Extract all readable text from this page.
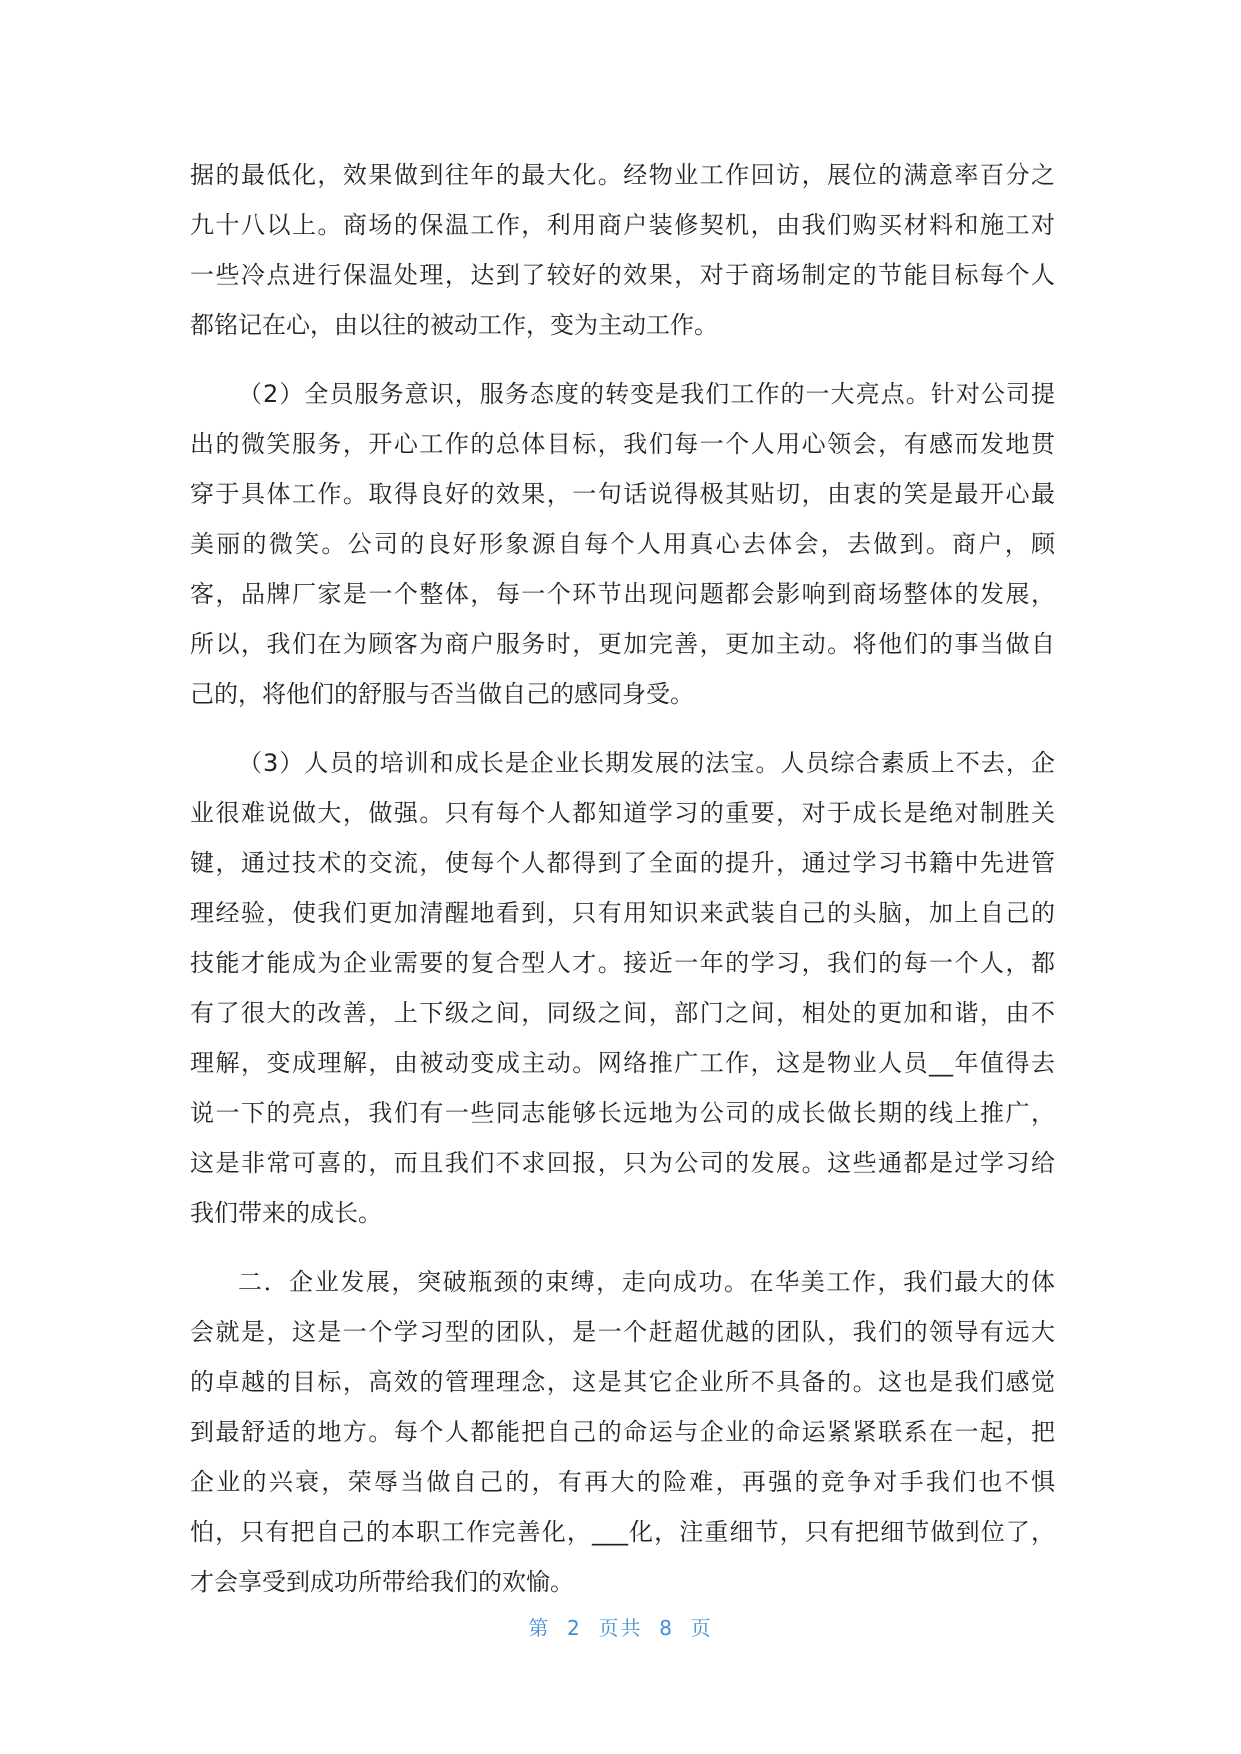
据的最低化，效果做到往年的最大化。经物业工作回访，展位的满意率百分之
九十八以上。商场的保温工作，利用商户装修契机，由我们购买材料和施工对
一些冷点进行保温处理，达到了较好的效果，对于商场制定的节能目标每个人
都铭记在心，由以往的被动工作，变为主动工作。
（2）全员服务意识，服务态度的转变是我们工作的一大亮点。针对公司提
出的微笑服务，开心工作的总体目标，我们每一个人用心领会，有感而发地贯
穿于具体工作。取得良好的效果，一句话说得极其贴切，由衷的笑是最开心最
美丽的微笑。公司的良好形象源自每个人用真心去体会，去做到。商户，顾
客，品牌厂家是一个整体，每一个环节出现问题都会影响到商场整体的发展，
所以，我们在为顾客为商户服务时，更加完善，更加主动。将他们的事当做自
己的，将他们的舒服与否当做自己的感同身受。
（3）人员的培训和成长是企业长期发展的法宝。人员综合素质上不去，企
业很难说做大，做强。只有每个人都知道学习的重要，对于成长是绝对制胜关
键，通过技术的交流，使每个人都得到了全面的提升，通过学习书籍中先进管
理经验，使我们更加清醒地看到，只有用知识来武装自己的头脑，加上自己的
技能才能成为企业需要的复合型人才。接近一年的学习，我们的每一个人，都
有了很大的改善，上下级之间，同级之间，部门之间，相处的更加和谐，由不
理解，变成理解，由被动变成主动。网络推广工作，这是物业人员__年值得去
说一下的亮点，我们有一些同志能够长远地为公司的成长做长期的线上推广，
这是非常可喜的，而且我们不求回报，只为公司的发展。这些通都是过学习给
我们带来的成长。
二．企业发展，突破瓶颈的束缚，走向成功。在华美工作，我们最大的体
会就是，这是一个学习型的团队，是一个赶超优越的团队，我们的领导有远大
的卓越的目标，高效的管理理念，这是其它企业所不具备的。这也是我们感觉
到最舒适的地方。每个人都能把自己的命运与企业的命运紧紧联系在一起，把
企业的兴衰，荣辱当做自己的，有再大的险难，再强的竞争对手我们也不惧
怕，只有把自己的本职工作完善化，___化，注重细节，只有把细节做到位了，
才会享受到成功所带给我们的欢愉。
第  2  页共  8  页
